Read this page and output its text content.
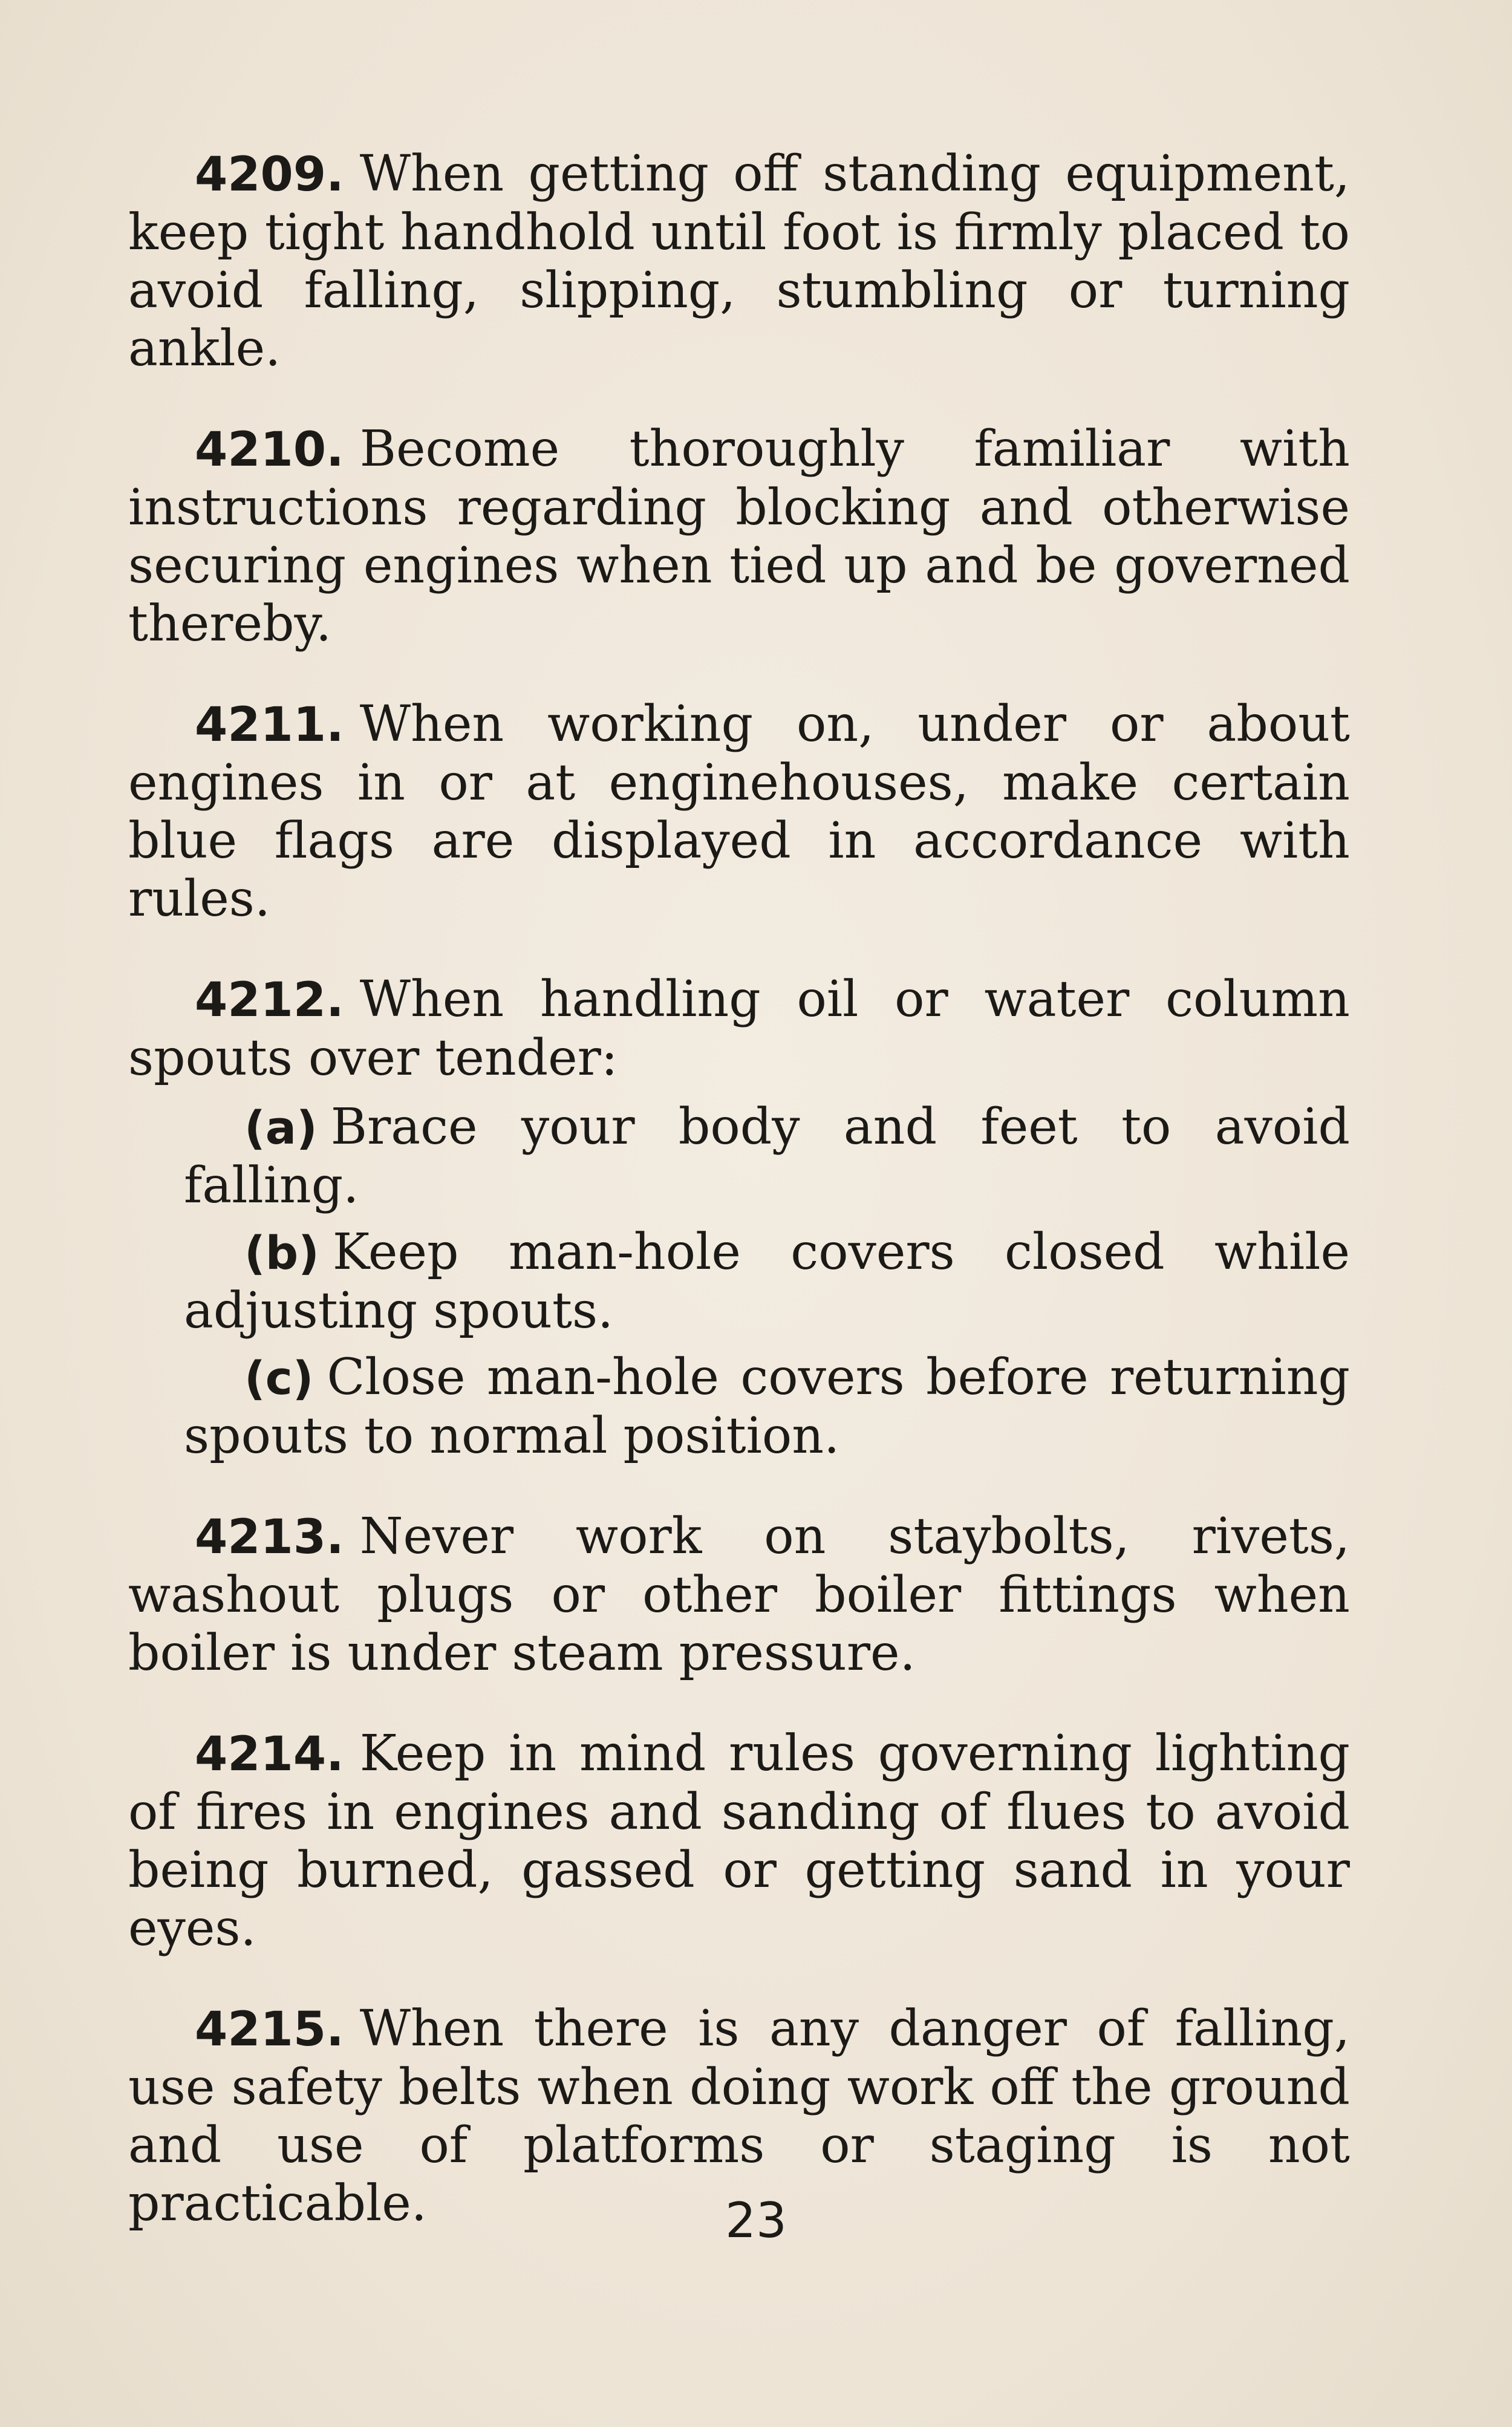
4209. When getting off standing equipment, keep tight handhold until foot is firmly placed to avoid falling, slipping, stumbling or turning ankle.

4210. Become thoroughly familiar with instructions regarding blocking and otherwise securing engines when tied up and be governed thereby.

4211. When working on, under or about engines in or at enginehouses, make certain blue flags are displayed in accordance with rules.

4212. When handling oil or water column spouts over tender:

(a) Brace your body and feet to avoid falling.

(b) Keep man-hole covers closed while adjusting spouts.

(c) Close man-hole covers before returning spouts to normal position.

4213. Never work on staybolts, rivets, washout plugs or other boiler fittings when boiler is under steam pressure.

4214. Keep in mind rules governing lighting of fires in engines and sanding of flues to avoid being burned, gassed or getting sand in your eyes.

4215. When there is any danger of falling, use safety belts when doing work off the ground and use of platforms or staging is not practicable.	23
